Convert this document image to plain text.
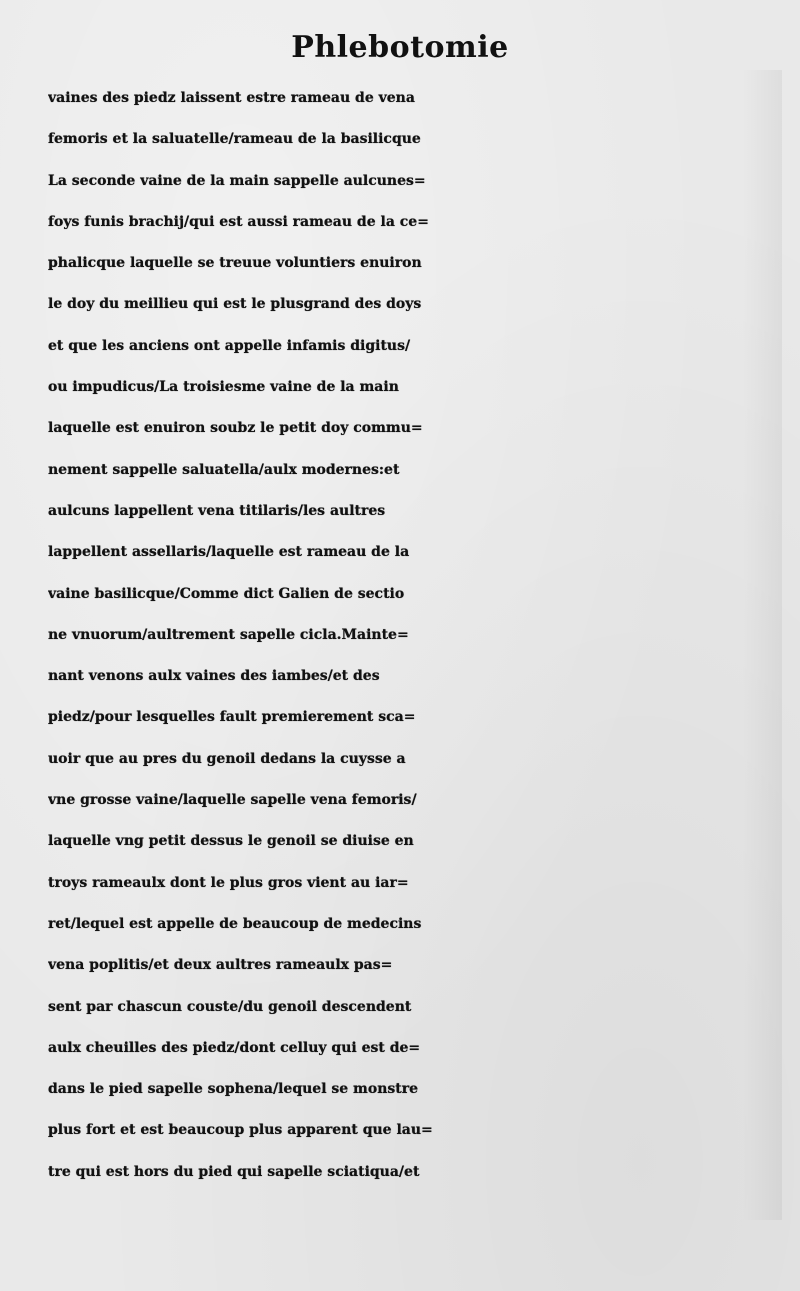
Phlebotomie
vaines des piedz laissent estre rameau de vena
femoris et la saluatelle/rameau de la basilicque
La seconde vaine de la main sappelle aulcunes=
foys funis brachij/qui est aussi rameau de la ce=
phalicque laquelle se treuue voluntiers enuiron
le doy du meillieu qui est le plusgrand des doys
et que les anciens ont appelle infamis digitus/
ou impudicus/La troisiesme vaine de la main
laquelle est enuiron soubz le petit doy commu=
nement sappelle saluatella/aulx modernes:et
aulcuns lappellent vena titilaris/les aultres
lappellent assellaris/laquelle est rameau de la
vaine basilicque/Comme dict Galien de sectio
ne vnuorum/aultrement sapelle cicla.Mainte=
nant venons aulx vaines des iambes/et des
piedz/pour lesquelles fault premierement sca=
uoir que au pres du genoil dedans la cuysse a
vne grosse vaine/laquelle sapelle vena femoris/
laquelle vng petit dessus le genoil se diuise en
troys rameaulx dont le plus gros vient au iar=
ret/lequel est appelle de beaucoup de medecins
vena poplitis/et deux aultres rameaulx pas=
sent par chascun couste/du genoil descendent
aulx cheuilles des piedz/dont celluy qui est de=
dans le pied sapelle sophena/lequel se monstre
plus fort et est beaucoup plus apparent que lau=
tre qui est hors du pied qui sapelle sciatiqua/et
